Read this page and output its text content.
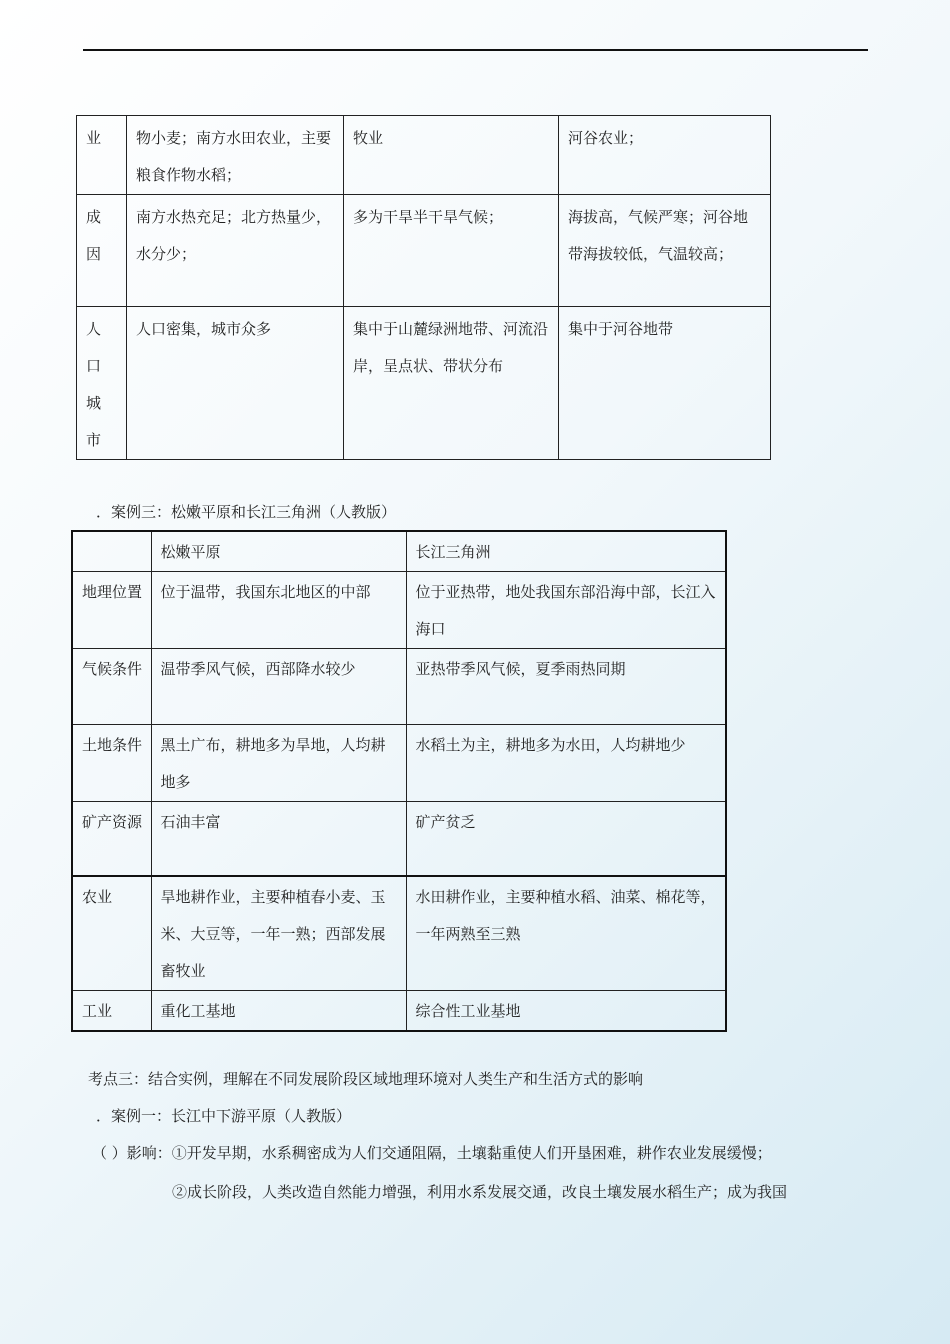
业	物小麦；南方水田农业，主要粮食作物水稻；	牧业	河谷农业；

成因	南方水热充足；北方热量少，水分少；	多为干旱半干旱气候；	海拔高，气候严寒；河谷地带海拔较低，气温较高；

人口城市	人口密集，城市众多	集中于山麓绿洲地带、河流沿岸，呈点状、带状分布	集中于河谷地带
．案例三：松嫩平原和长江三角洲（人教版）
	松嫩平原	长江三角洲
地理位置	位于温带，我国东北地区的中部	位于亚热带，地处我国东部沿海中部，长江入海口
气候条件	温带季风气候，西部降水较少	亚热带季风气候，夏季雨热同期
土地条件	黑土广布，耕地多为旱地，人均耕地多	水稻土为主，耕地多为水田，人均耕地少
矿产资源	石油丰富	矿产贫乏
农业	旱地耕作业，主要种植春小麦、玉米、大豆等，一年一熟；西部发展畜牧业	水田耕作业，主要种植水稻、油菜、棉花等，一年两熟至三熟
工业	重化工基地	综合性工业基地
考点三：结合实例，理解在不同发展阶段区域地理环境对人类生产和生活方式的影响
．案例一：长江中下游平原（人教版）
（ ）影响：①开发早期，水系稠密成为人们交通阻隔，土壤黏重使人们开垦困难，耕作农业发展缓慢；
②成长阶段，人类改造自然能力增强，利用水系发展交通，改良土壤发展水稻生产；成为我国
